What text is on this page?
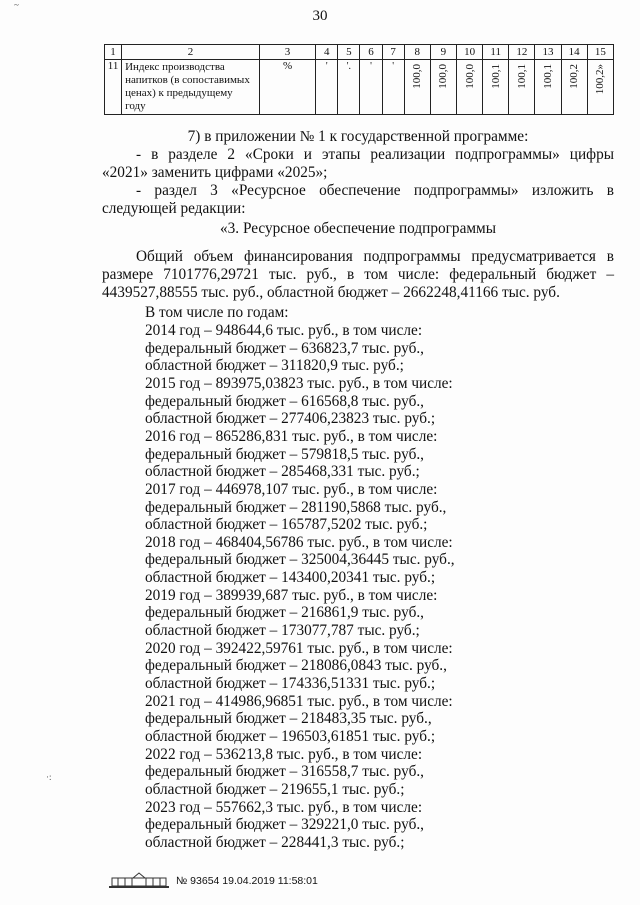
30
1	2	3	4	5	6	7	8	9	10	11	12	13	14	15
11	Индекс производства напитков (в сопоставимых ценах) к предыдущему году	%	'	'.	'	'	100,0	100,0	100,0	100,1	100,1	100,1	100,2	100,2»
7) в приложении № 1 к государственной программе:
- в разделе 2 «Сроки и этапы реализации подпрограммы» цифры
«2021» заменить цифрами «2025»;
- раздел 3 «Ресурсное обеспечение подпрограммы» изложить в
следующей редакции:
«3. Ресурсное обеспечение подпрограммы
Общий объем финансирования подпрограммы предусматривается в
размере 7101776,29721 тыс. руб., в том числе: федеральный бюджет –
4439527,88555 тыс. руб., областной бюджет – 2662248,41166 тыс. руб.
В том числе по годам:
2014 год – 948644,6 тыс. руб., в том числе:
федеральный бюджет – 636823,7 тыс. руб.,
областной бюджет – 311820,9 тыс. руб.;
2015 год – 893975,03823 тыс. руб., в том числе:
федеральный бюджет – 616568,8 тыс. руб.,
областной бюджет – 277406,23823 тыс. руб.;
2016 год – 865286,831 тыс. руб., в том числе:
федеральный бюджет – 579818,5 тыс. руб.,
областной бюджет – 285468,331 тыс. руб.;
2017 год – 446978,107 тыс. руб., в том числе:
федеральный бюджет – 281190,5868 тыс. руб.,
областной бюджет – 165787,5202 тыс. руб.;
2018 год – 468404,56786 тыс. руб., в том числе:
федеральный бюджет – 325004,36445 тыс. руб.,
областной бюджет – 143400,20341 тыс. руб.;
2019 год – 389939,687 тыс. руб., в том числе:
федеральный бюджет – 216861,9 тыс. руб.,
областной бюджет – 173077,787 тыс. руб.;
2020 год – 392422,59761 тыс. руб., в том числе:
федеральный бюджет – 218086,0843 тыс. руб.,
областной бюджет – 174336,51331 тыс. руб.;
2021 год – 414986,96851 тыс. руб., в том числе:
федеральный бюджет – 218483,35 тыс. руб.,
областной бюджет – 196503,61851 тыс. руб.;
2022 год – 536213,8 тыс. руб., в том числе:
федеральный бюджет – 316558,7 тыс. руб.,
областной бюджет – 219655,1 тыс. руб.;
2023 год – 557662,3 тыс. руб., в том числе:
федеральный бюджет – 329221,0 тыс. руб.,
областной бюджет – 228441,3 тыс. руб.;
~
·:
№ 93654 19.04.2019 11:58:01
